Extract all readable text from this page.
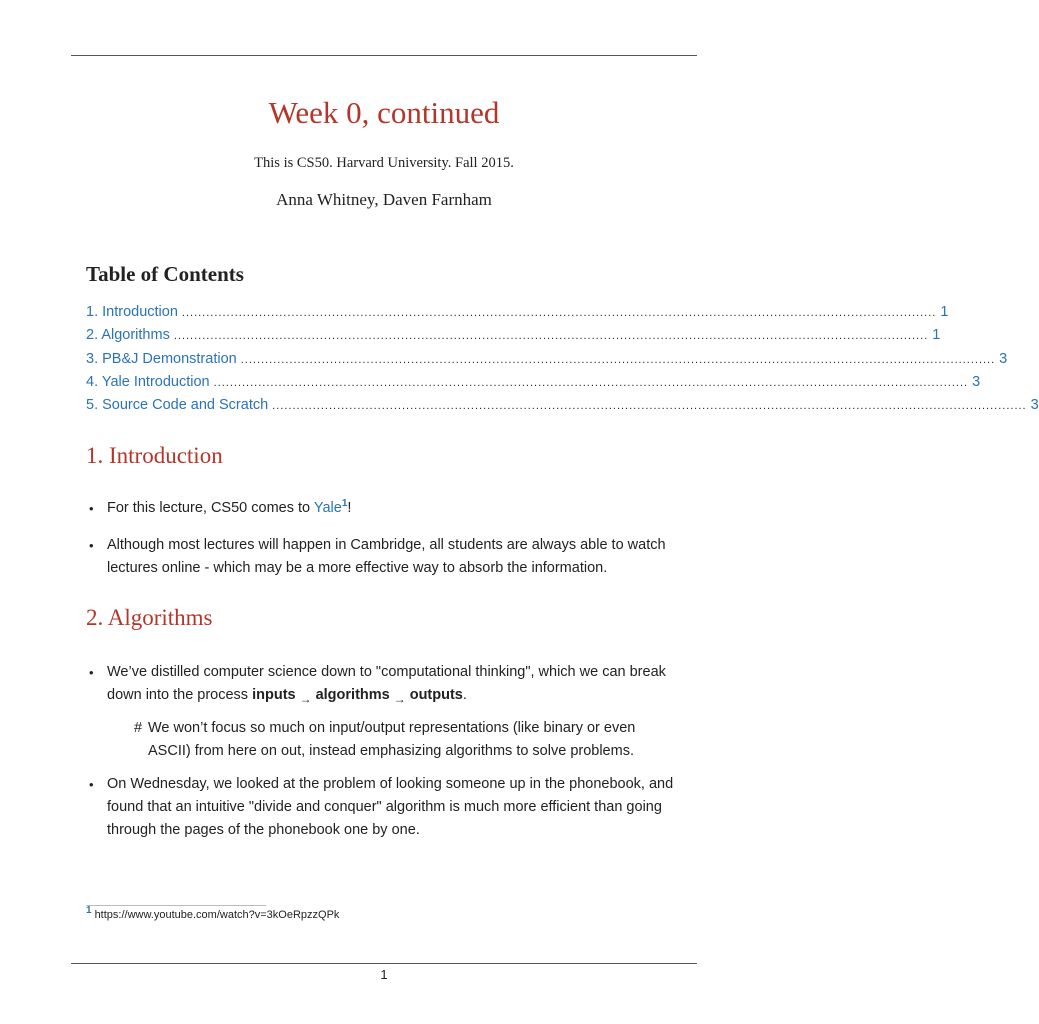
Week 0, continued
This is CS50. Harvard University. Fall 2015.
Anna Whitney, Daven Farnham
Table of Contents
1. Introduction .......................................................................................................................................................................................... 1
2. Algorithms .......................................................................................................................................................................................... 1
3. PB&J Demonstration .......................................................................................................................................................................................... 3
4. Yale Introduction .......................................................................................................................................................................................... 3
5. Source Code and Scratch .......................................................................................................................................................................................... 3
1. Introduction
• For this lecture, CS50 comes to Yale$^1$!
• Although most lectures will happen in Cambridge, all students are always able to watch lectures online - which may be a more effective way to absorb the information.
2. Algorithms
• We’ve distilled computer science down to "computational thinking", which we can break down into the process inputs $_\to$ algorithms $_\to$ outputs.
# We won’t focus so much on input/output representations (like binary or even ASCII) from here on out, instead emphasizing algorithms to solve problems.
• On Wednesday, we looked at the problem of looking someone up in the phonebook, and found that an intuitive "divide and conquer" algorithm is much more efficient than going through the pages of the phonebook one by one.
1 https://www.youtube.com/watch?v=3kOeRpzzQPk
1
